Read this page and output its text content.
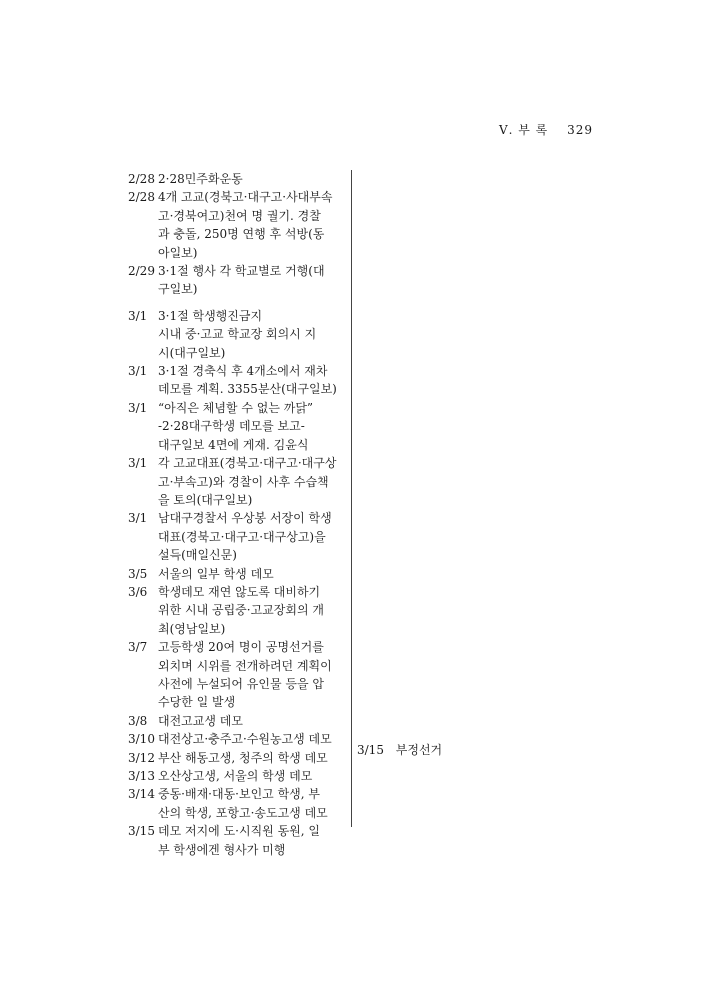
Ⅴ. 부 록 329
2/28 2·28민주화운동
2/28 4개 고교(경북고·대구고·사대부속
고·경북여고)천여 명 궐기. 경찰
과 충돌, 250명 연행 후 석방(동
아일보)
2/29 3·1절 행사 각 학교별로 거행(대
구일보)
3/1 3·1절 학생행진금지
시내 중·고교 학교장 회의시 지
시(대구일보)
3/1 3·1절 경축식 후 4개소에서 재차
데모를 계획. 3355분산(대구일보)
3/1 “아직은 체념할 수 없는 까닭”
-2·28대구학생 데모를 보고-
대구일보 4면에 게재. 김윤식
3/1 각 고교대표(경북고·대구고·대구상
고·부속고)와 경찰이 사후 수습책
을 토의(대구일보)
3/1 남대구경찰서 우상봉 서장이 학생
대표(경북고·대구고·대구상고)을
설득(매일신문)
3/5 서울의 일부 학생 데모
3/6 학생데모 재연 않도록 대비하기
위한 시내 공립중·고교장회의 개
최(영남일보)
3/7 고등학생 20여 명이 공명선거를
외치며 시위를 전개하려던 계획이
사전에 누설되어 유인물 등을 압
수당한 일 발생
3/8 대전고교생 데모
3/10 대전상고·충주고·수원농고생 데모
3/12 부산 해동고생, 청주의 학생 데모
3/13 오산상고생, 서울의 학생 데모
3/14 중동·배재·대동·보인고 학생, 부
산의 학생, 포항고·송도고생 데모
3/15 데모 저지에 도·시직원 동원, 일
부 학생에겐 형사가 미행
3/15 부정선거
